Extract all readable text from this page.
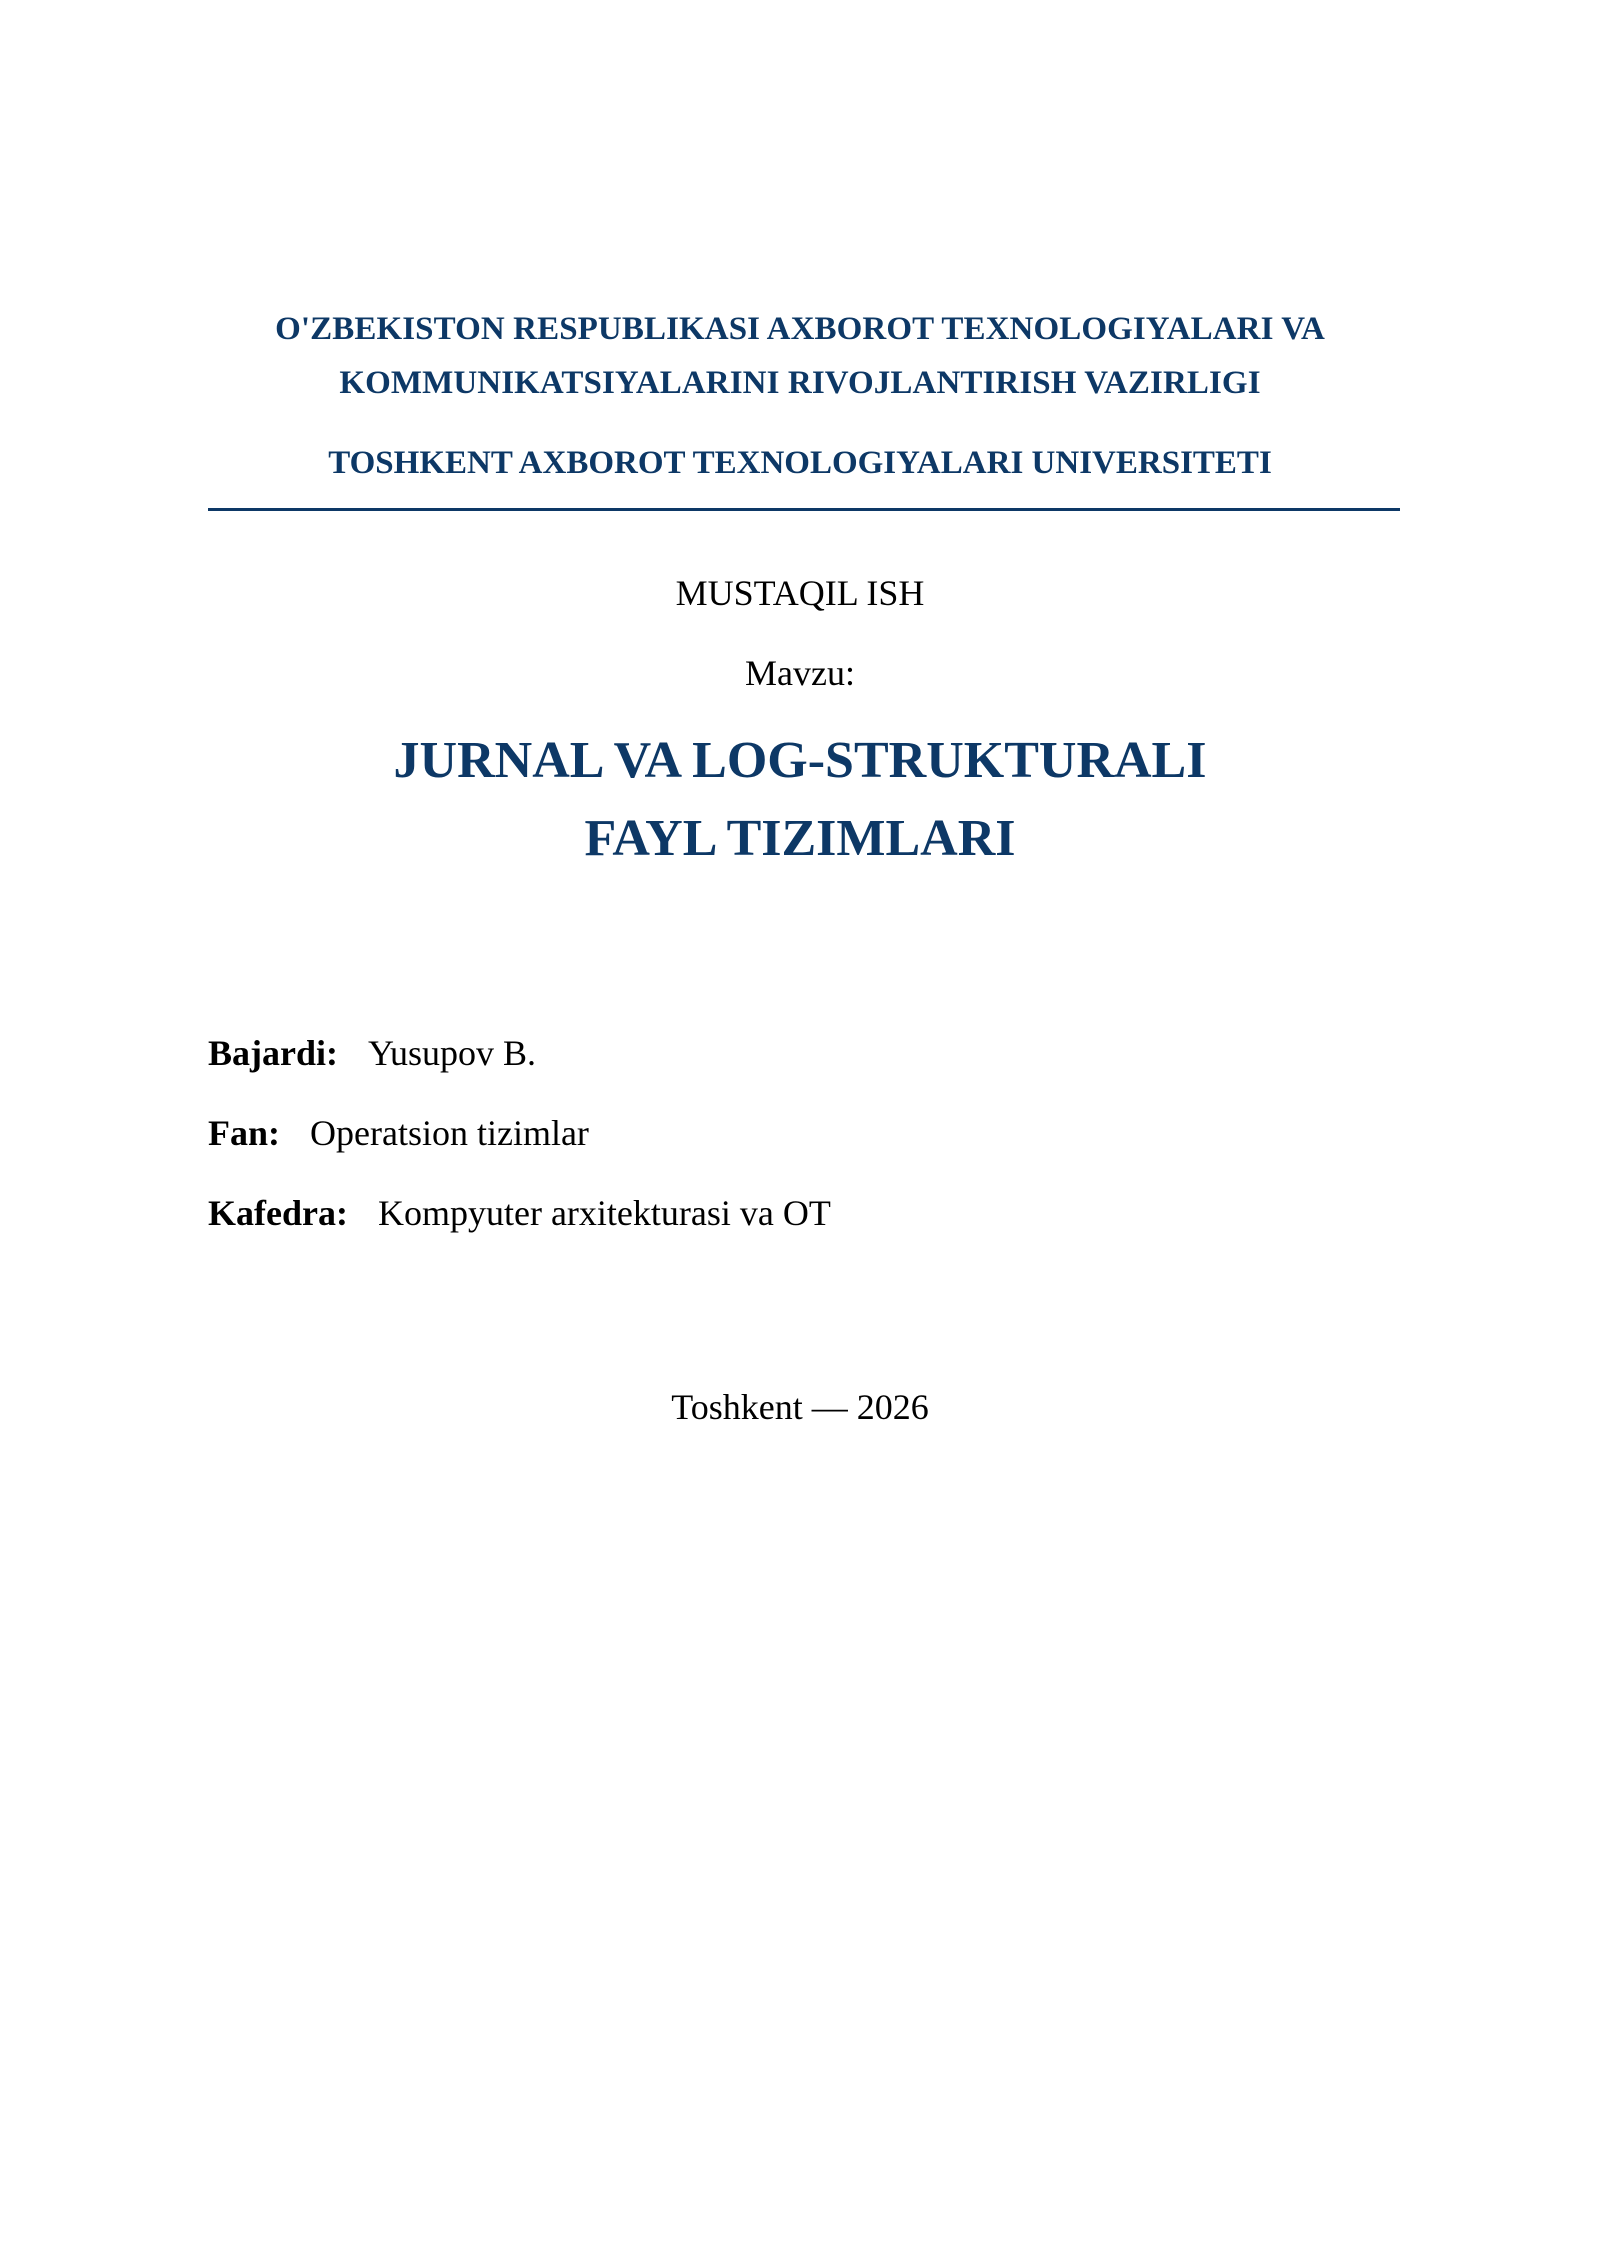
O'ZBEKISTON RESPUBLIKASI AXBOROT TEXNOLOGIYALARI VA
KOMMUNIKATSIYALARINI RIVOJLANTIRISH VAZIRLIGI
TOSHKENT AXBOROT TEXNOLOGIYALARI UNIVERSITETI
MUSTAQIL ISH
Mavzu:
JURNAL VA LOG-STRUKTURALI
FAYL TIZIMLARI
Bajardi: Yusupov B.
Fan: Operatsion tizimlar
Kafedra: Kompyuter arxitekturasi va OT
Toshkent — 2026
